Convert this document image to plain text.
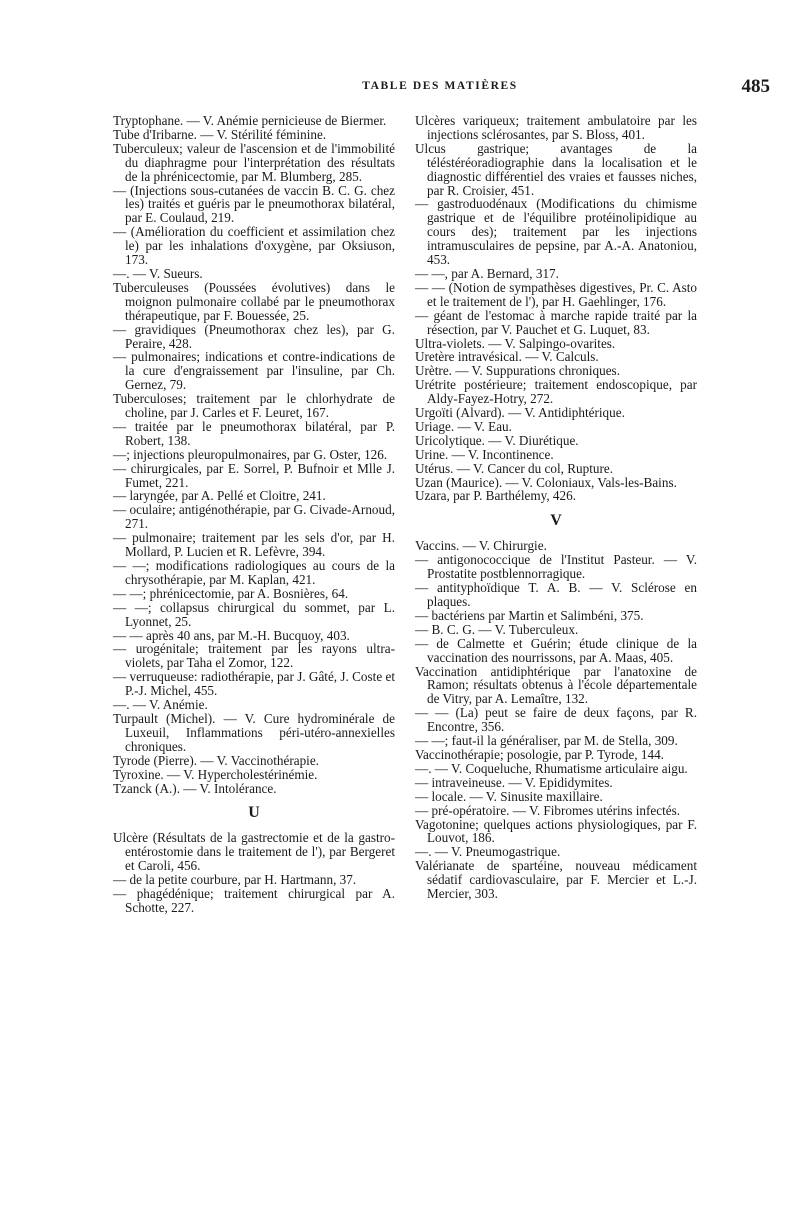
TABLE DES MATIÈRES	485

Tryptophane. — V. Anémie pernicieuse de Biermer.

Tube d'Iribarne. — V. Stérilité féminine.

Tuberculeux; valeur de l'ascension et de l'immobilité du diaphragme pour l'interprétation des résultats de la phrénicectomie, par M. Blumberg, 285.

— (Injections sous-cutanées de vaccin B. C. G. chez les) traités et guéris par le pneumothorax bilatéral, par E. Coulaud, 219.

— (Amélioration du coefficient et assimilation chez le) par les inhalations d'oxygène, par Oksiuson, 173.

—. — V. Sueurs.

Tuberculeuses (Poussées évolutives) dans le moignon pulmonaire collabé par le pneumothorax thérapeutique, par F. Bouessée, 25.

— gravidiques (Pneumothorax chez les), par G. Peraire, 428.

— pulmonaires; indications et contre-indications de la cure d'engraissement par l'insuline, par Ch. Gernez, 79.

Tuberculoses; traitement par le chlorhydrate de choline, par J. Carles et F. Leuret, 167.

— traitée par le pneumothorax bilatéral, par P. Robert, 138.

—; injections pleuropulmonaires, par G. Oster, 126.

— chirurgicales, par E. Sorrel, P. Bufnoir et Mlle J. Fumet, 221.

— laryngée, par A. Pellé et Cloitre, 241.

— oculaire; antigénothérapie, par G. Civade-Arnoud, 271.

— pulmonaire; traitement par les sels d'or, par H. Mollard, P. Lucien et R. Lefèvre, 394.

— —; modifications radiologiques au cours de la chrysothérapie, par M. Kaplan, 421.

— —; phrénicectomie, par A. Bosnières, 64.

— —; collapsus chirurgical du sommet, par L. Lyonnet, 25.

— — après 40 ans, par M.-H. Bucquoy, 403.

— urogénitale; traitement par les rayons ultra-violets, par Taha el Zomor, 122.

— verruqueuse: radiothérapie, par J. Gâté, J. Coste et P.-J. Michel, 455.

—. — V. Anémie.

Turpault (Michel). — V. Cure hydrominérale de Luxeuil, Inflammations péri-utéro-annexielles chroniques.

Tyrode (Pierre). — V. Vaccinothérapie.

Tyroxine. — V. Hypercholestérinémie.

Tzanck (A.). — V. Intolérance.

U

Ulcère (Résultats de la gastrectomie et de la gastro-entérostomie dans le traitement de l'), par Bergeret et Caroli, 456.

— de la petite courbure, par H. Hartmann, 37.

— phagédénique; traitement chirurgical par A. Schotte, 227.

Ulcères variqueux; traitement ambulatoire par les injections sclérosantes, par S. Bloss, 401.

Ulcus gastrique; avantages de la téléstéréoradiographie dans la localisation et le diagnostic différentiel des vraies et fausses niches, par R. Croisier, 451.

— gastroduodénaux (Modifications du chimisme gastrique et de l'équilibre protéinolipidique au cours des); traitement par les injections intramusculaires de pepsine, par A.-A. Anatoniou, 453.

— —, par A. Bernard, 317.

— — (Notion de sympathèses digestives, Pr. C. Asto et le traitement de l'), par H. Gaehlinger, 176.

— géant de l'estomac à marche rapide traité par la résection, par V. Pauchet et G. Luquet, 83.

Ultra-violets. — V. Salpingo-ovarites.

Uretère intravésical. — V. Calculs.

Urètre. — V. Suppurations chroniques.

Urétrite postérieure; traitement endoscopique, par Aldy-Fayez-Hotry, 272.

Urgoïti (Alvard). — V. Antidiphtérique.

Uriage. — V. Eau.

Uricolytique. — V. Diurétique.

Urine. — V. Incontinence.

Utérus. — V. Cancer du col, Rupture.

Uzan (Maurice). — V. Coloniaux, Vals-les-Bains.

Uzara, par P. Barthélemy, 426.

V

Vaccins. — V. Chirurgie.

— antigonococcique de l'Institut Pasteur. — V. Prostatite postblennorragique.

— antityphoïdique T. A. B. — V. Sclérose en plaques.

— bactériens par Martin et Salimbéni, 375.

— B. C. G. — V. Tuberculeux.

— de Calmette et Guérin; étude clinique de la vaccination des nourrissons, par A. Maas, 405.

Vaccination antidiphtérique par l'anatoxine de Ramon; résultats obtenus à l'école départementale de Vitry, par A. Lemaître, 132.

— — (La) peut se faire de deux façons, par R. Encontre, 356.

— —; faut-il la généraliser, par M. de Stella, 309.

Vaccinothérapie; posologie, par P. Tyrode, 144.

—. — V. Coqueluche, Rhumatisme articulaire aigu.

— intraveineuse. — V. Epididymites.

— locale. — V. Sinusite maxillaire.

— pré-opératoire. — V. Fibromes utérins infectés.

Vagotonine; quelques actions physiologiques, par F. Louvot, 186.

—. — V. Pneumogastrique.

Valérianate de spartéine, nouveau médicament sédatif cardiovasculaire, par F. Mercier et L.-J. Mercier, 303.
